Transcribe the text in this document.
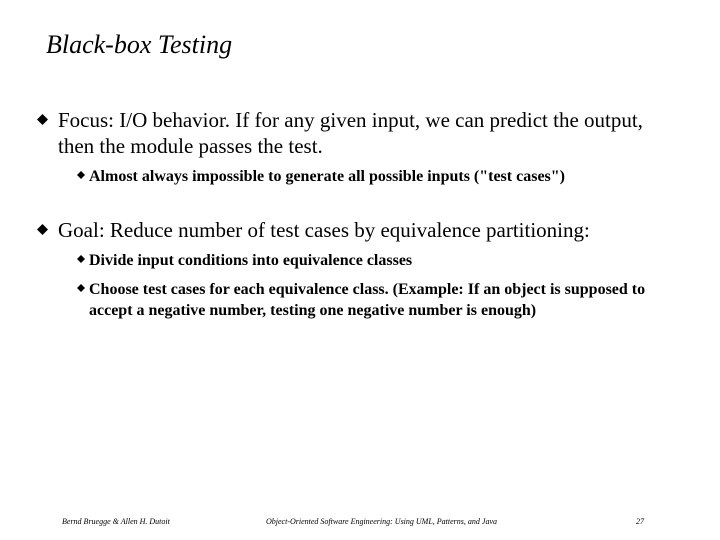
Black-box Testing
Focus: I/O behavior. If for any given input, we can predict the output, then the module passes the test.
Almost always impossible to generate all possible inputs ("test cases")
Goal: Reduce number of test cases by equivalence partitioning:
Divide input conditions into equivalence classes
Choose test cases for each equivalence class. (Example: If an object is supposed to accept a negative number, testing one negative number is enough)
Bernd Bruegge & Allen H. Dutoit	Object-Oriented Software Engineering: Using UML, Patterns, and Java	27
